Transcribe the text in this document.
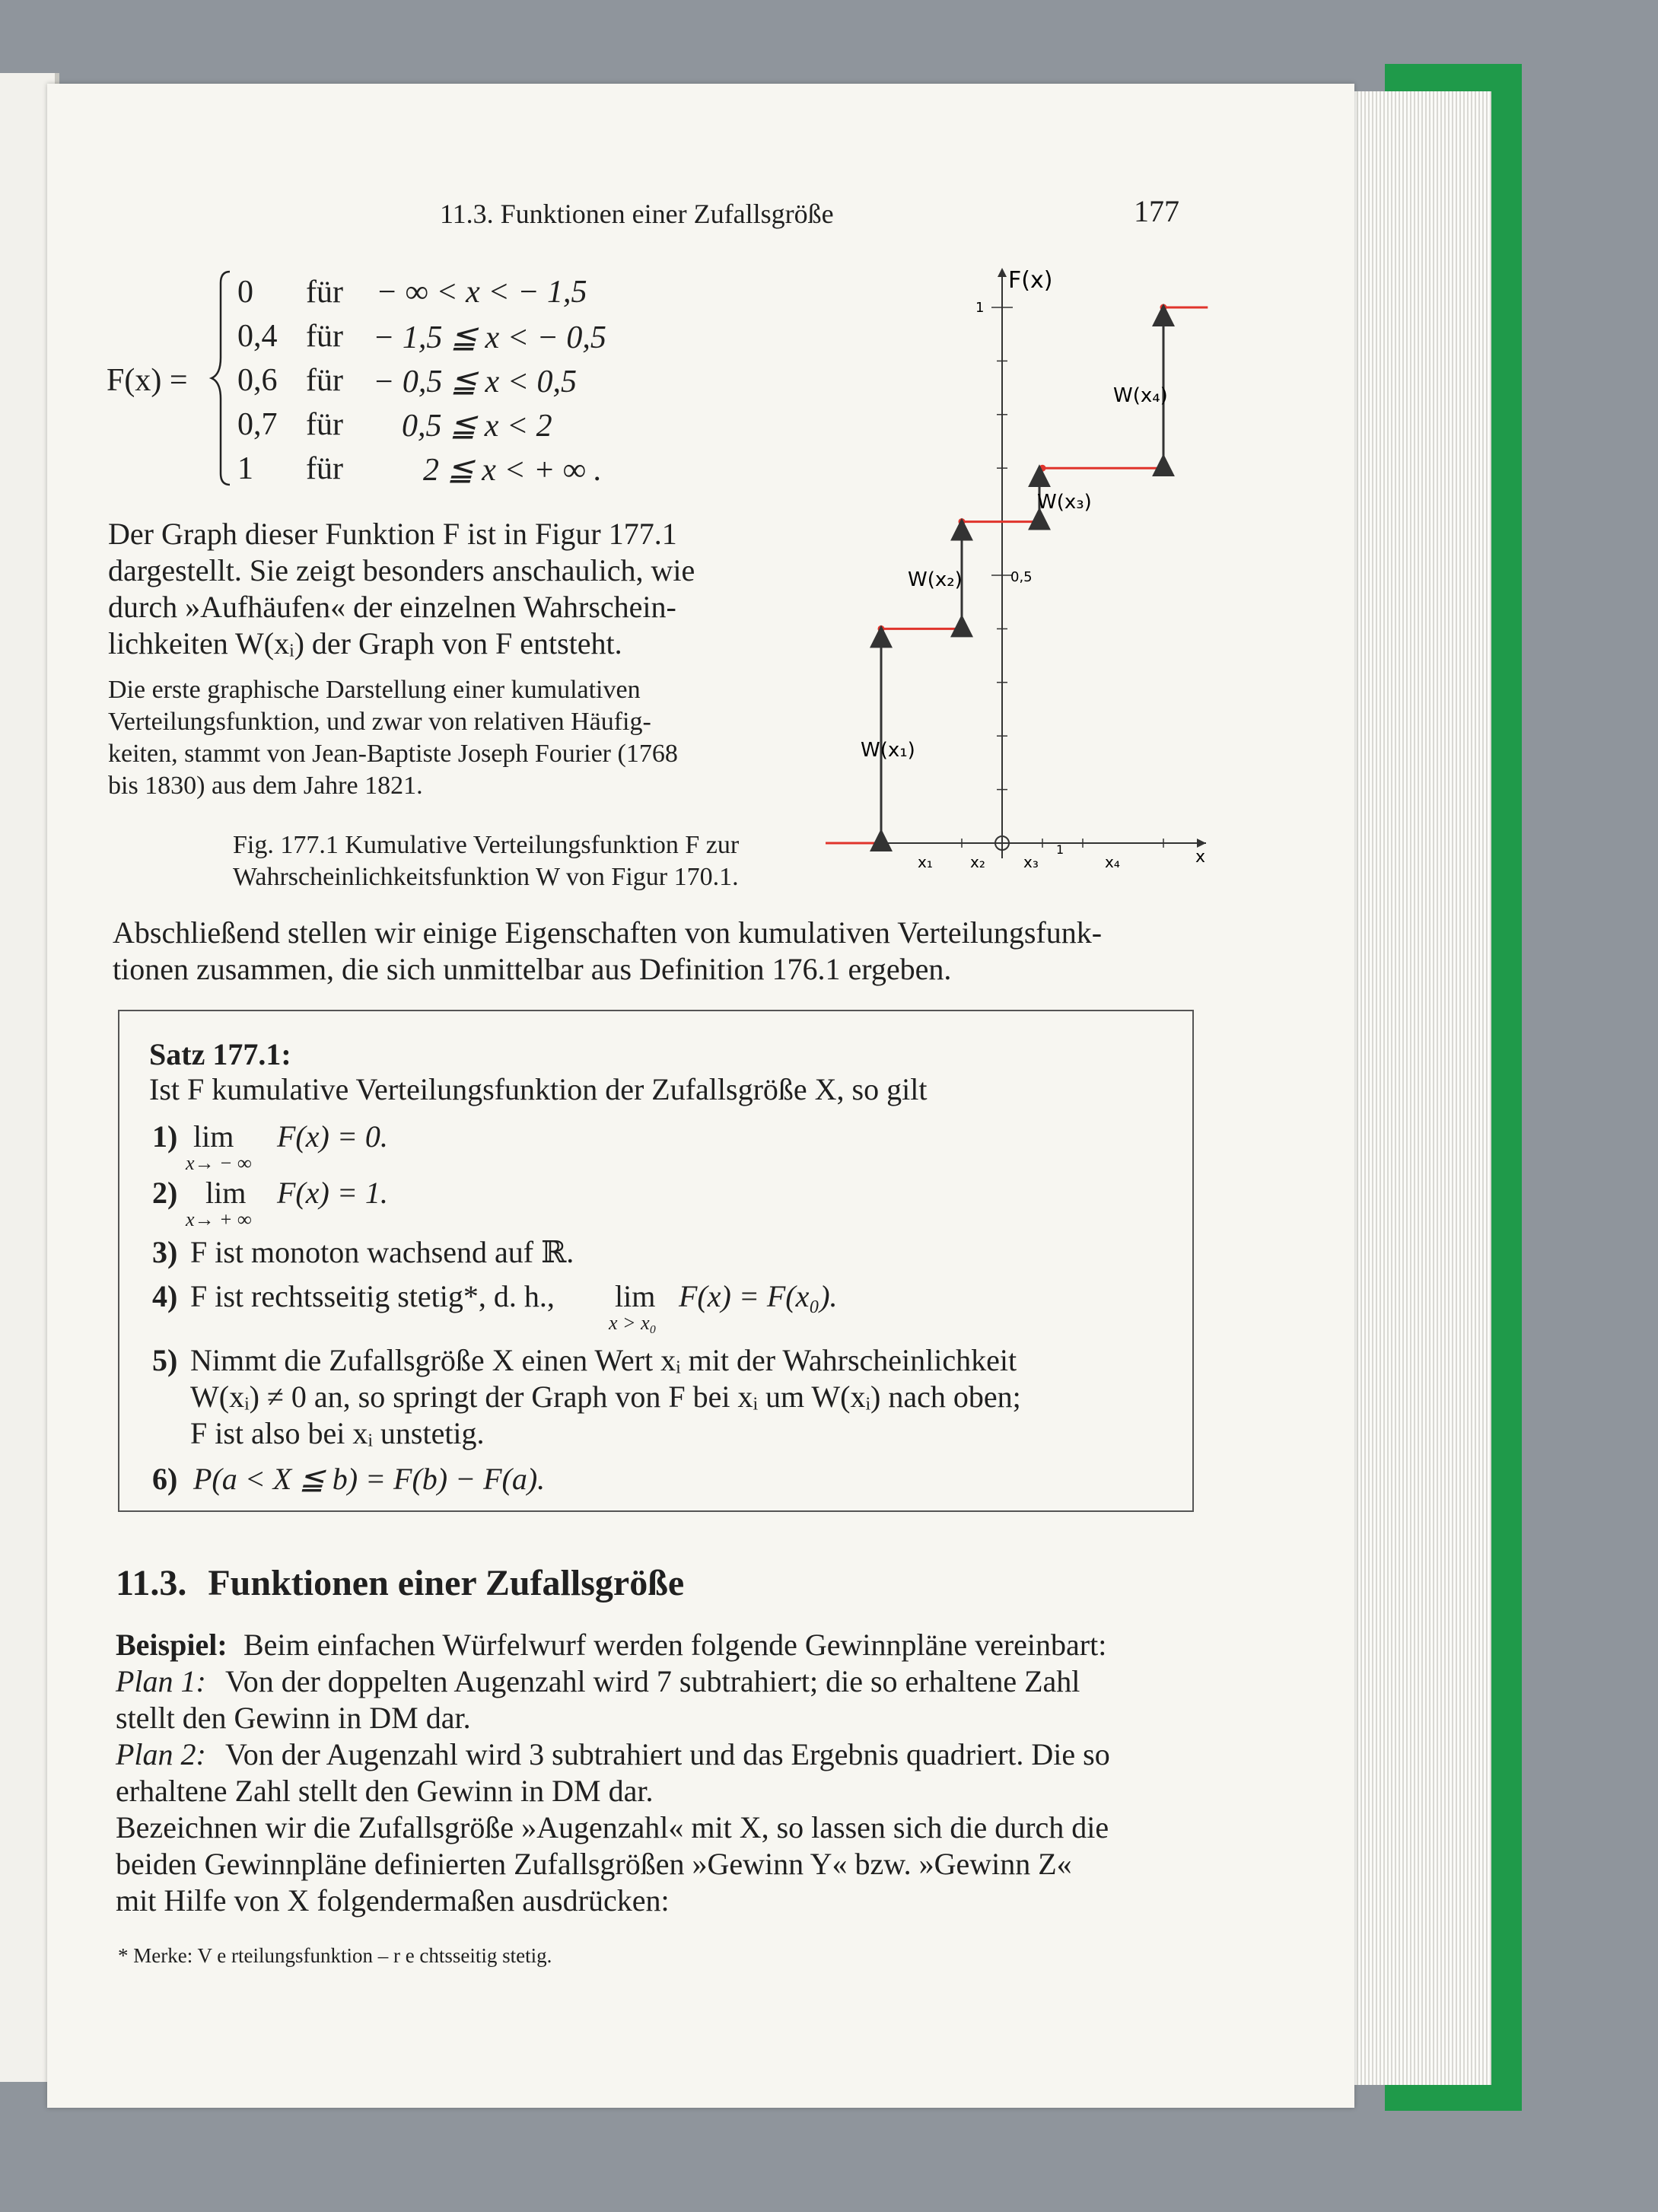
11.3. Funktionen einer Zufallsgröße	177
F(x) =
0 für − ∞ < x < − 1,5
0,4 für − 1,5 ≦ x < − 0,5
0,6 für − 0,5 ≦ x < 0,5
0,7 für 0,5 ≦ x < 2
1 für	2 ≦ x < + ∞ .
Der Graph dieser Funktion F ist in Figur 177.1
dargestellt. Sie zeigt besonders anschaulich, wie
durch »Aufhäufen« der einzelnen Wahrschein-
lichkeiten W(xᵢ) der Graph von F entsteht.
Die erste graphische Darstellung einer kumulativen
Verteilungsfunktion, und zwar von relativen Häufig-
keiten, stammt von Jean-Baptiste Joseph Fourier (1768
bis 1830) aus dem Jahre 1821.
Fig. 177.1 Kumulative Verteilungsfunktion F zur
Wahrscheinlichkeitsfunktion W von Figur 170.1.
F(x)
x
1
0,5
1
x₁ x₂	x₃	x₄
W(x₁)
W(x₂)
W(x₃)
W(x₄)
Abschließend stellen wir einige Eigenschaften von kumulativen Verteilungsfunk-
tionen zusammen, die sich unmittelbar aus Definition 176.1 ergeben.
Satz 177.1:
Ist F kumulative Verteilungsfunktion der Zufallsgröße X, so gilt
1) lim
x→ − ∞
F(x) = 0.
2) lim
x→ + ∞
F(x) = 1.
3) F ist monoton wachsend auf ℝ.
4) F ist rechtsseitig stetig*, d. h., lim
x > x₀
F(x) = F(x₀).
5) Nimmt die Zufallsgröße X einen Wert xᵢ mit der Wahrscheinlichkeit
W(xᵢ) ≠ 0 an, so springt der Graph von F bei xᵢ um W(xᵢ) nach oben;
F ist also bei xᵢ unstetig.
6) P(a < X ≦ b) = F(b) − F(a).
11.3. Funktionen einer Zufallsgröße
Beispiel: Beim einfachen Würfelwurf werden folgende Gewinnpläne vereinbart:
Plan 1: Von der doppelten Augenzahl wird 7 subtrahiert; die so erhaltene Zahl
stellt den Gewinn in DM dar.
Plan 2: Von der Augenzahl wird 3 subtrahiert und das Ergebnis quadriert. Die so
erhaltene Zahl stellt den Gewinn in DM dar.
Bezeichnen wir die Zufallsgröße »Augenzahl« mit X, so lassen sich die durch die
beiden Gewinnpläne definierten Zufallsgrößen »Gewinn Y« bzw. »Gewinn Z«
mit Hilfe von X folgendermaßen ausdrücken:
* Merke: V e rteilungsfunktion – r e chtsseitig stetig.
